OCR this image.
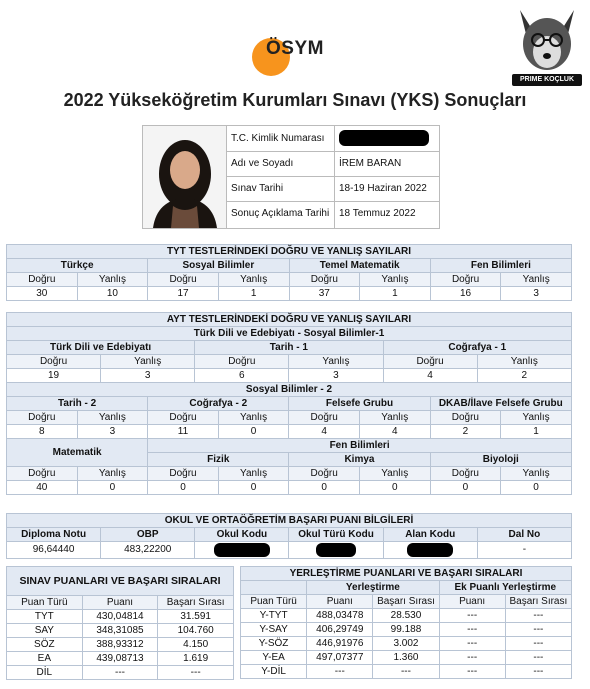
ÖSYM
PRIME KOÇLUK
2022 Yükseköğretim Kurumları Sınavı (YKS) Sonuçları
T.C. Kimlik Numarası
Adı ve Soyadı	İREM BARAN
Sınav Tarihi	18-19 Haziran 2022
Sonuç Açıklama Tarihi 18 Temmuz 2022
TYT TESTLERİNDEKİ DOĞRU VE YANLIŞ SAYILARI							
Türkçe		Sosyal Bilimler		Temel Matematik		Fen Bilimleri	
Doğru	Yanlış	Doğru	Yanlış	Doğru	Yanlış	Doğru	Yanlış
30	10	17	1	37	1	16	3
AYT TESTLERİNDEKİ DOĞRU VE YANLIŞ SAYILARI											
Türk Dili ve Edebiyatı - Sosyal Bilimler-1											
Türk Dili ve Edebiyatı				Tarih - 1				Coğrafya - 1			
Doğru		Yanlış		Doğru		Yanlış		Doğru		Yanlış	
19		3		6		3		4		2	
Sosyal Bilimler - 2											
Tarih - 2			Coğrafya - 2			Felsefe Grubu			DKAB/İlave Felsefe Grubu		
Doğru	Yanlış		Doğru		Yanlış	Doğru	Yanlış		Doğru		Yanlış
8	3		11		0	4	4		2		1
Matematik			Fen Bilimleri								
			Fizik			Kimya			Biyoloji		
Doğru	Yanlış		Doğru		Yanlış	Doğru	Yanlış		Doğru		Yanlış
40	0		0		0	0	0		0		0
OKUL VE ORTAÖĞRETİM BAŞARI PUANI BİLGİLERİ					
Diploma Notu	OBP	Okul Kodu	Okul Türü Kodu	Alan Kodu	Dal No
96,64440	483,22200				-
SINAV PUANLARI VE BAŞARI SIRALARI		
Puan Türü	Puanı	Başarı Sırası
TYT	430,04814	31.591
SAY	348,31085	104.760
SÖZ	388,93312	4.150
EA	439,08713	1.619
DİL	---	---
YERLEŞTİRME PUANLARI VE BAŞARI SIRALARI				
	Yerleştirme		Ek Puanlı Yerleştirme	
Puan Türü	Puanı	Başarı Sırası	Puanı	Başarı Sırası
Y-TYT	488,03478	28.530	---	---
Y-SAY	406,29749	99.188	---	---
Y-SÖZ	446,91976	3.002	---	---
Y-EA	497,07377	1.360	---	---
Y-DİL	---	---	---	---
